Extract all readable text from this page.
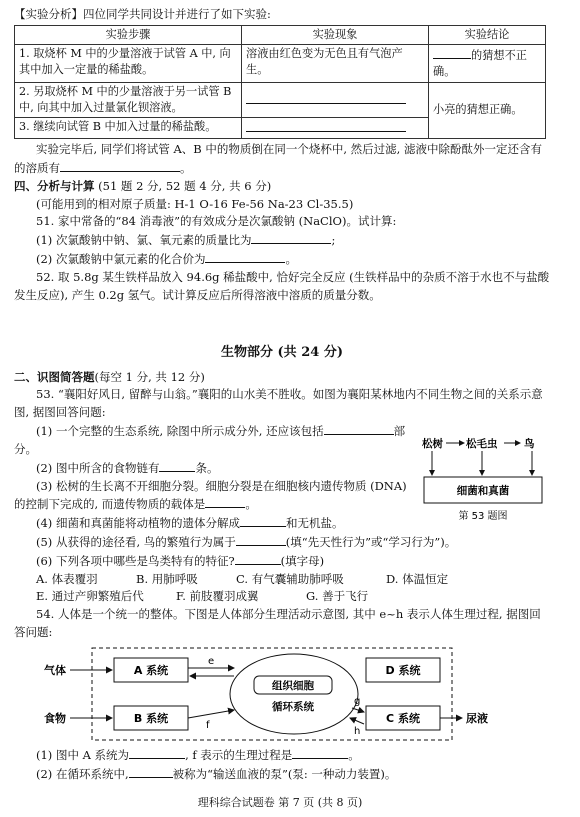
【实验分析】四位同学共同设计并进行了如下实验:

实验步骤	实验现象	实验结论
1. 取烧杯 M 中的少量溶液于试管 A 中, 向其中加入一定量的稀盐酸。	溶液由红色变为无色且有气泡产生。	的猜想不正确。
2. 另取烧杯 M 中的少量溶液于另一试管 B 中, 向其中加入过量氯化钡溶液。		小亮的猜想正确。
3. 继续向试管 B 中加入过量的稀盐酸。		

实验完毕后, 同学们将试管 A、B 中的物质倒在同一个烧杯中, 然后过滤, 滤液中除酚酞外一定还含有的溶质有	。

四、分析与计算 (51 题 2 分, 52 题 4 分, 共 6 分)

(可能用到的相对原子质量: H-1 O-16 Fe-56 Na-23 Cl-35.5)

51. 家中常备的“84 消毒液”的有效成分是次氯酸钠 (NaClO)。试计算:

(1) 次氯酸钠中钠、氯、氧元素的质量比为	;

(2) 次氯酸钠中氯元素的化合价为	。

52. 取 5.8g 某生铁样品放入 94.6g 稀盐酸中, 恰好完全反应 (生铁样品中的杂质不溶于水也不与盐酸发生反应), 产生 0.2g 氢气。试计算反应后所得溶液中溶质的质量分数。

生物部分 (共 24 分)

二、识图简答题(每空 1 分, 共 12 分)

53. “襄阳好风日, 留醉与山翁。”襄阳的山水美不胜收。如图为襄阳某林地内不同生物之间的关系示意图, 据图回答问题:

(1) 一个完整的生态系统, 除图中所示成分外, 还应该包括	部分。

(2) 图中所含的食物链有	条。

(3) 松树的生长离不开细胞分裂。细胞分裂是在细胞核内遗传物质 (DNA) 的控制下完成的, 而遗传物质的载体是	。

(4) 细菌和真菌能将动植物的遗体分解成	和无机盐。

(5) 从获得的途径看, 鸟的繁殖行为属于	(填“先天性行为”或“学习行为”)。

(6) 下列各项中哪些是鸟类特有的特征?	(填字母)

A. 体表覆羽	B. 用肺呼吸	C. 有气囊辅助肺呼吸	D. 体温恒定
E. 通过产卵繁殖后代	F. 前肢覆羽成翼	G. 善于飞行

54. 人体是一个统一的整体。下图是人体部分生理活动示意图, 其中 e~h 表示人体生理过程, 据图回答问题:

气体	A 系统
食物	B 系统
e
f
组织细胞
循环系统
D 系统
C 系统
g
h
尿液

(1) 图中 A 系统为	, f 表示的生理过程是	。

(2) 在循环系统中,	被称为“输送血液的泵”(泵: 一种动力装置)。

松树 松毛虫	鸟
细菌和真菌
第 53 题图
理科综合试题卷 第 7 页 (共 8 页)
